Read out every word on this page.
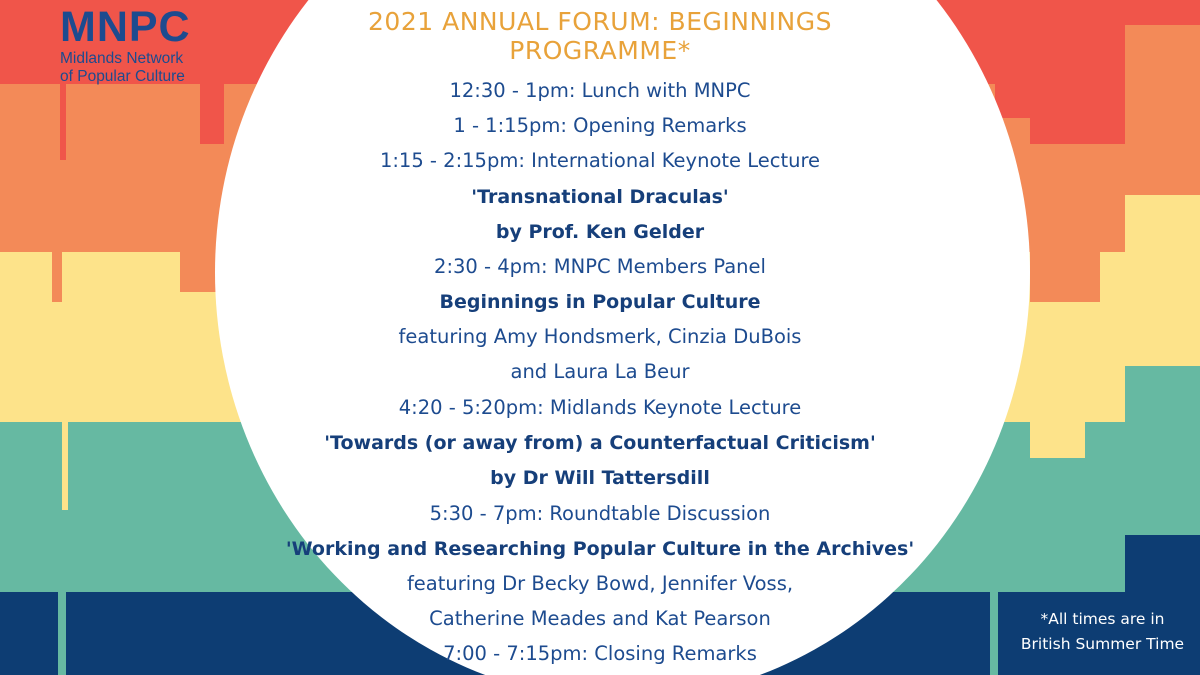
MNPC
Midlands Network
of Popular Culture
2021 ANNUAL FORUM: BEGINNINGS
PROGRAMME*
12:30 - 1pm: Lunch with MNPC
1 - 1:15pm: Opening Remarks
1:15 - 2:15pm: International Keynote Lecture
'Transnational Draculas'
by Prof. Ken Gelder
2:30 - 4pm: MNPC Members Panel
Beginnings in Popular Culture
featuring Amy Hondsmerk, Cinzia DuBois
and Laura La Beur
4:20 - 5:20pm: Midlands Keynote Lecture
'Towards (or away from) a Counterfactual Criticism'
by Dr Will Tattersdill
5:30 - 7pm: Roundtable Discussion
'Working and Researching Popular Culture in the Archives'
featuring Dr Becky Bowd, Jennifer Voss,
Catherine Meades and Kat Pearson
7:00 - 7:15pm: Closing Remarks
*All times are in
British Summer Time
